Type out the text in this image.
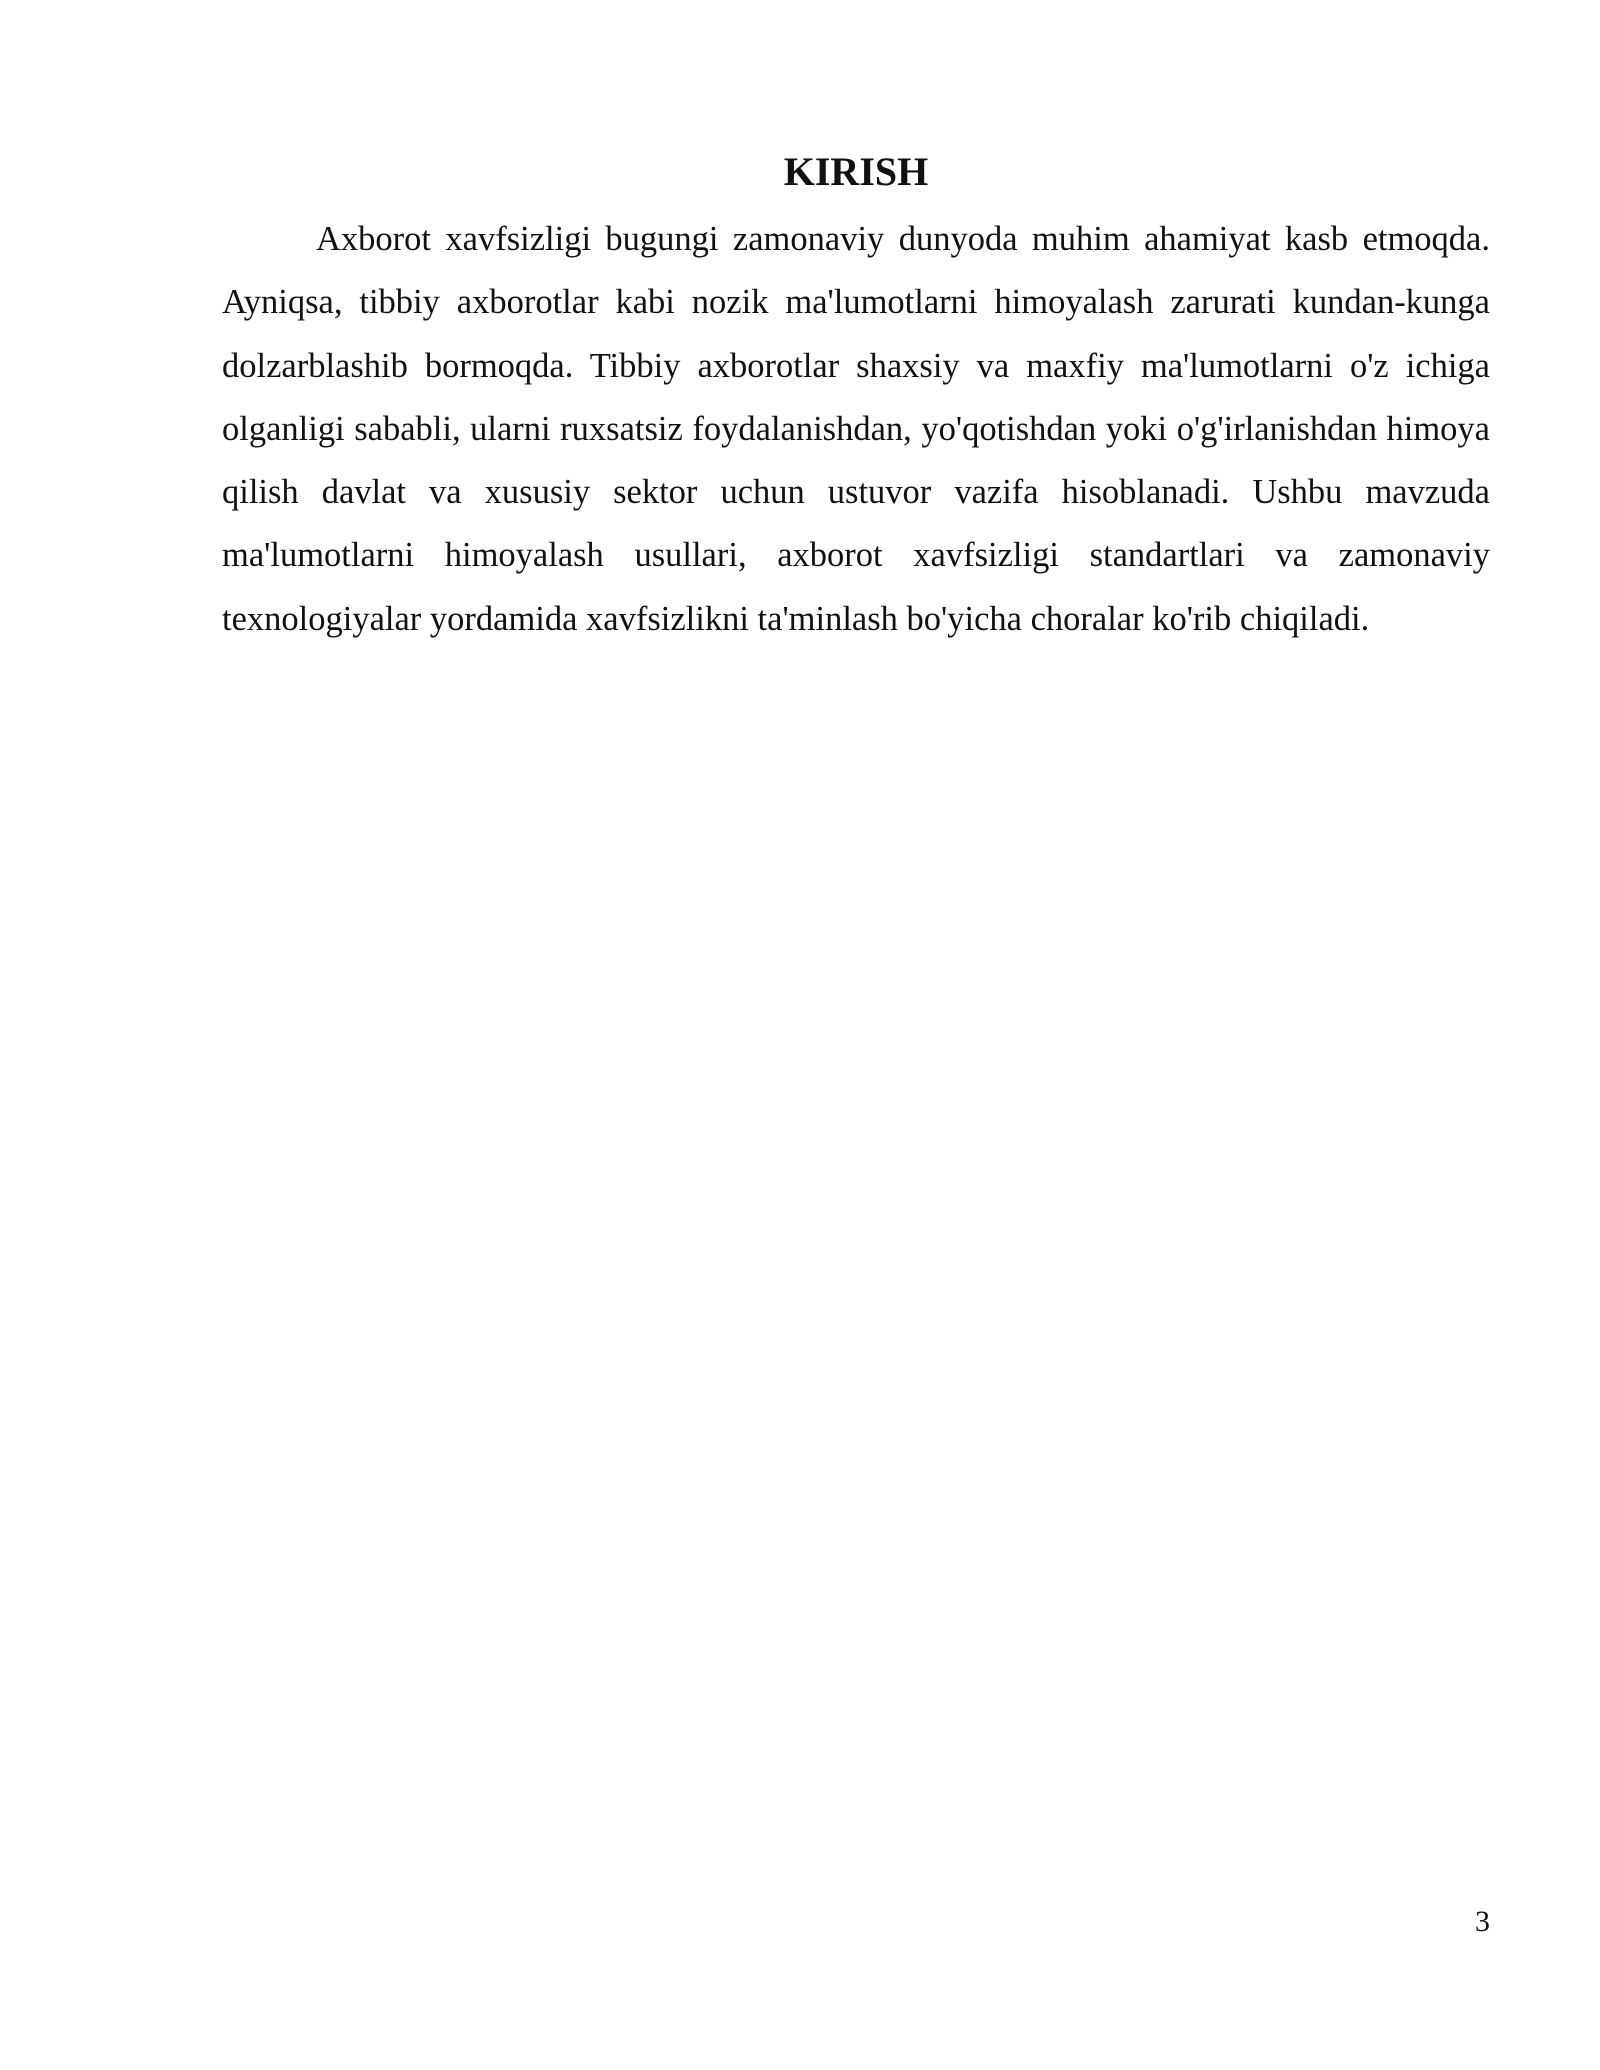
KIRISH

Axborot xavfsizligi bugungi zamonaviy dunyoda muhim ahamiyat kasb etmoqda. Ayniqsa, tibbiy axborotlar kabi nozik ma'lumotlarni himoyalash zarurati kundan-kunga dolzarblashib bormoqda. Tibbiy axborotlar shaxsiy va maxfiy ma'lumotlarni o'z ichiga olganligi sababli, ularni ruxsatsiz foydalanishdan, yo'qotishdan yoki o'g'irlanishdan himoya qilish davlat va xususiy sektor uchun ustuvor vazifa hisoblanadi. Ushbu mavzuda ma'lumotlarni himoyalash usullari, axborot xavfsizligi standartlari va zamonaviy texnologiyalar yordamida xavfsizlikni ta'minlash bo'yicha choralar ko'rib chiqiladi.

3
